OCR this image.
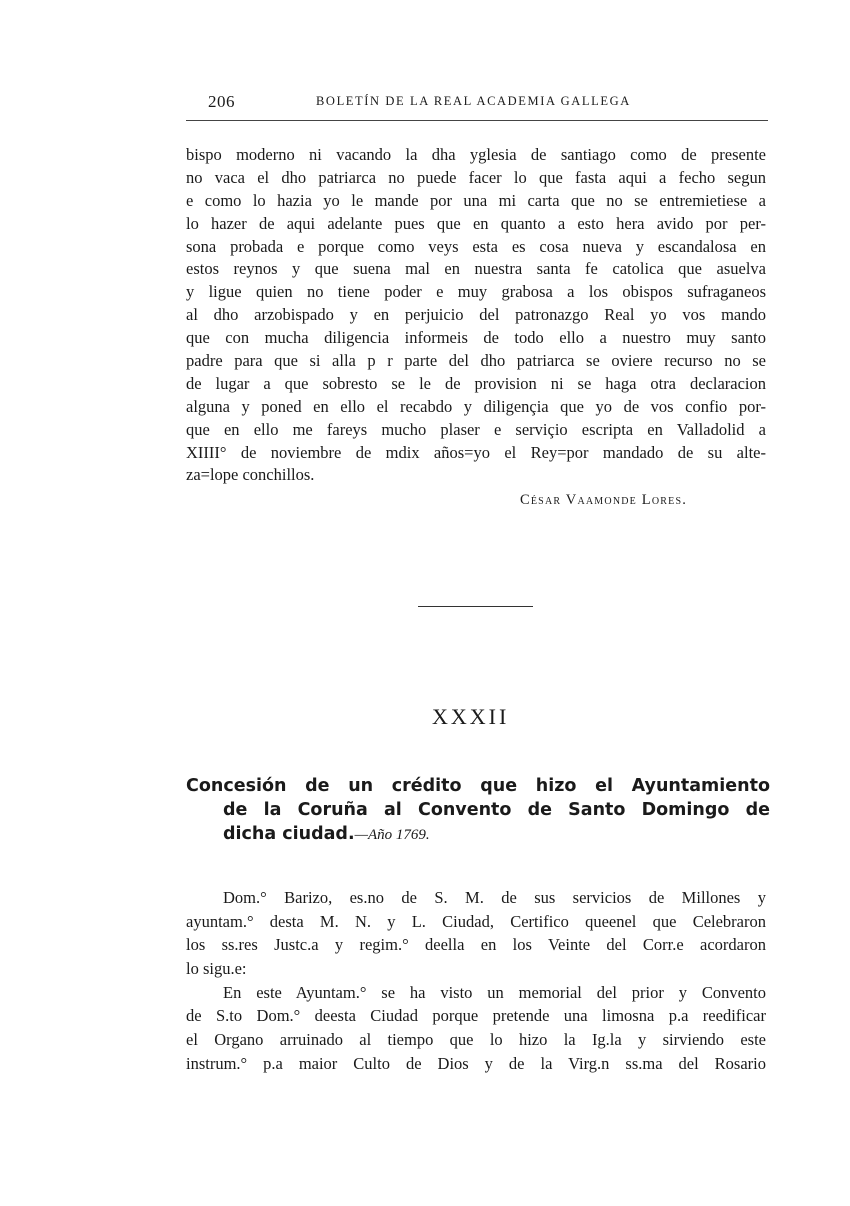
206	BOLETÍN DE LA REAL ACADEMIA GALLEGA
bispo moderno ni vacando la dha yglesia de santiago como de presente
no vaca el dho patriarca no puede facer lo que fasta aqui a fecho segun
e como lo hazia yo le mande por una mi carta que no se entremietiese a
lo hazer de aqui adelante pues que en quanto a esto hera avido por per-
sona probada e porque como veys esta es cosa nueva y escandalosa en
estos reynos y que suena mal en nuestra santa fe catolica que asuelva
y ligue quien no tiene poder e muy grabosa a los obispos sufraganeos
al dho arzobispado y en perjuicio del patronazgo Real yo vos mando
que con mucha diligencia informeis de todo ello a nuestro muy santo
padre para que si alla p r parte del dho patriarca se oviere recurso no se
de lugar a que sobresto se le de provision ni se haga otra declaracion
alguna y poned en ello el recabdo y diligençia que yo de vos confio por-
que en ello me fareys mucho plaser e serviçio escripta en Valladolid a
XIIII° de noviembre de mdix años=yo el Rey=por mandado de su alte-
za=lope conchillos.
César Vaamonde Lores.
XXXII
Concesión de un crédito que hizo el Ayuntamiento
de la Coruña al Convento de Santo Domingo de
dicha ciudad.—Año 1769.
Dom.° Barizo, es.no de S. M. de sus servicios de Millones y
ayuntam.° desta M. N. y L. Ciudad, Certifico queenel que Celebraron
los ss.res Justc.a y regim.° deella en los Veinte del Corr.e acordaron
lo sigu.e:
En este Ayuntam.° se ha visto un memorial del prior y Convento
de S.to Dom.° deesta Ciudad porque pretende una limosna p.a reedificar
el Organo arruinado al tiempo que lo hizo la Ig.la y sirviendo este
instrum.° p.a maior Culto de Dios y de la Virg.n ss.ma del Rosario
